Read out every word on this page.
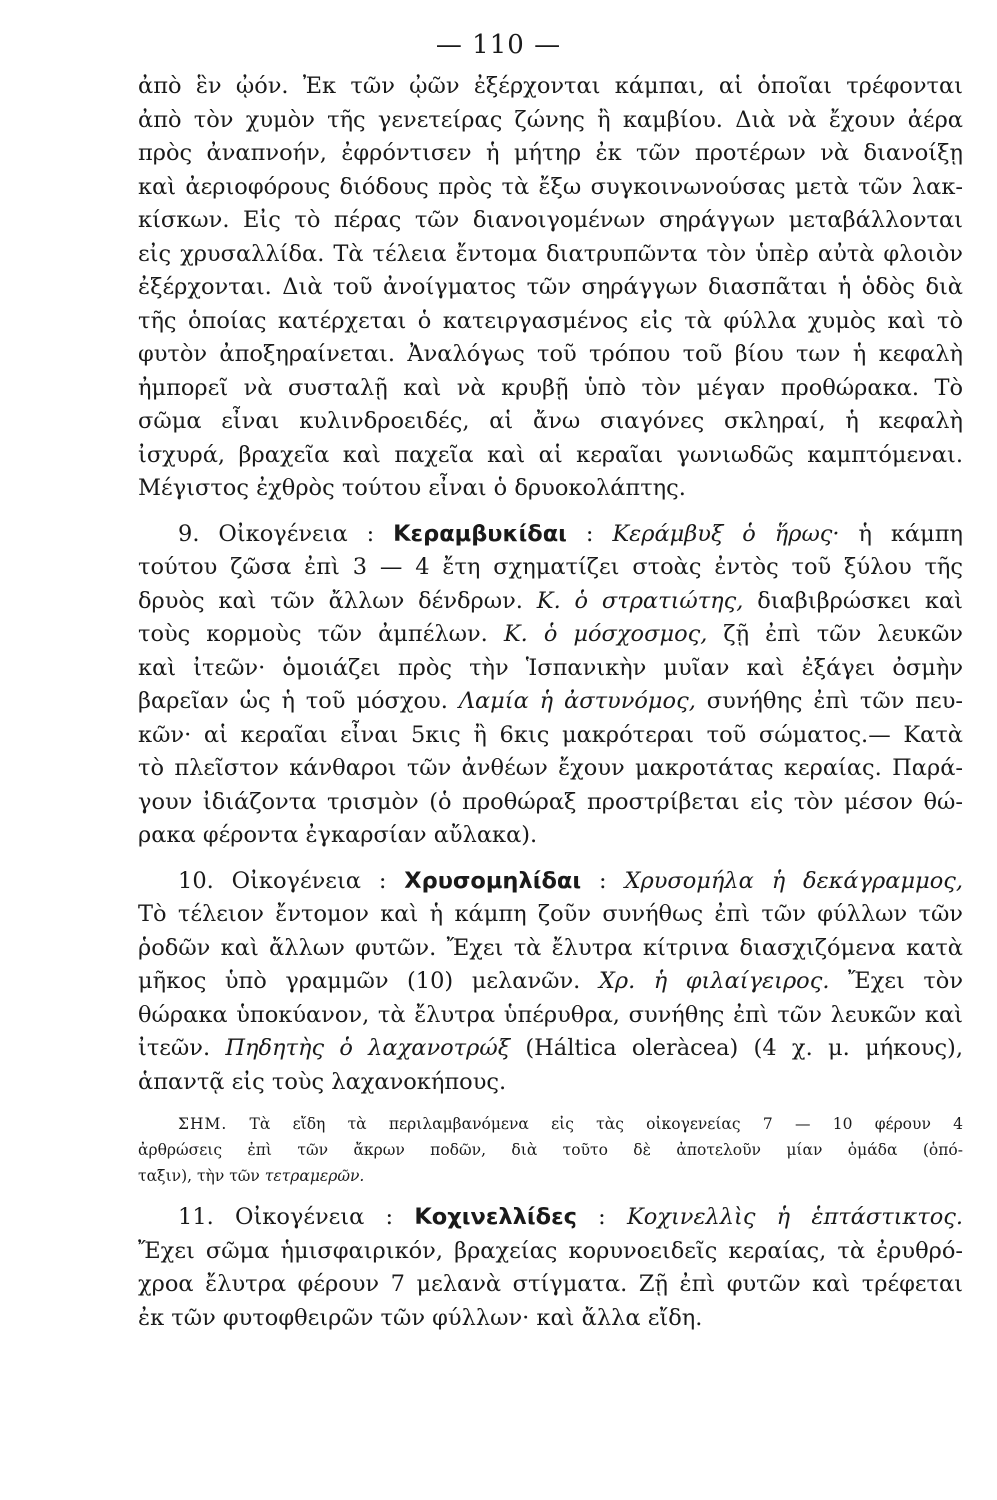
— 110 —
ἀπὸ ἓν ᾠόν. Ἐκ τῶν ᾠῶν ἐξέρχονται κάμπαι, αἱ ὁποῖαι τρέφονται
ἀπὸ τὸν χυμὸν τῆς γενετείρας ζώνης ἢ καμβίου. Διὰ νὰ ἔχουν ἀέρα
πρὸς ἀναπνοήν, ἐφρόντισεν ἡ μήτηρ ἐκ τῶν προτέρων νὰ διανοίξῃ
καὶ ἀεριοφόρους διόδους πρὸς τὰ ἔξω συγκοινωνούσας μετὰ τῶν λακ-
κίσκων. Εἰς τὸ πέρας τῶν διανοιγομένων σηράγγων μεταβάλλονται
εἰς χρυσαλλίδα. Τὰ τέλεια ἔντομα διατρυπῶντα τὸν ὑπὲρ αὐτὰ φλοιὸν
ἐξέρχονται. Διὰ τοῦ ἀνοίγματος τῶν σηράγγων διασπᾶται ἡ ὁδὸς διὰ
τῆς ὁποίας κατέρχεται ὁ κατειργασμένος εἰς τὰ φύλλα χυμὸς καὶ τὸ
φυτὸν ἀποξηραίνεται. Ἀναλόγως τοῦ τρόπου τοῦ βίου των ἡ κεφαλὴ
ἠμπορεῖ νὰ συσταλῇ καὶ νὰ κρυβῇ ὑπὸ τὸν μέγαν προθώρακα. Τὸ
σῶμα εἶναι κυλινδροειδές, αἱ ἄνω σιαγόνες σκληραί, ἡ κεφαλὴ
ἰσχυρά, βραχεῖα καὶ παχεῖα καὶ αἱ κεραῖαι γωνιωδῶς καμπτόμεναι.
Μέγιστος ἐχθρὸς τούτου εἶναι ὁ δρυοκολάπτης.
9. Οἰκογένεια : Κεραμβυκίδαι : Κεράμβυξ ὁ ἥρως· ἡ κάμπη
τούτου ζῶσα ἐπὶ 3 — 4 ἔτη σχηματίζει στοὰς ἐντὸς τοῦ ξύλου τῆς
δρυὸς καὶ τῶν ἄλλων δένδρων. Κ. ὁ στρατιώτης, διαβιβρώσκει καὶ
τοὺς κορμοὺς τῶν ἀμπέλων. Κ. ὁ μόσχοσμος, ζῇ ἐπὶ τῶν λευκῶν
καὶ ἰτεῶν· ὁμοιάζει πρὸς τὴν Ἱσπανικὴν μυῖαν καὶ ἐξάγει ὀσμὴν
βαρεῖαν ὡς ἡ τοῦ μόσχου. Λαμία ἡ ἀστυνόμος, συνήθης ἐπὶ τῶν πευ-
κῶν· αἱ κεραῖαι εἶναι 5κις ἢ 6κις μακρότεραι τοῦ σώματος.— Κατὰ
τὸ πλεῖστον κάνθαροι τῶν ἀνθέων ἔχουν μακροτάτας κεραίας. Παρά-
γουν ἰδιάζοντα τρισμὸν (ὁ προθώραξ προστρίβεται εἰς τὸν μέσον θώ-
ρακα φέροντα ἐγκαρσίαν αὔλακα).
10. Οἰκογένεια : Χρυσομηλίδαι : Χρυσομήλα ἡ δεκάγραμμος,
Τὸ τέλειον ἔντομον καὶ ἡ κάμπη ζοῦν συνήθως ἐπὶ τῶν φύλλων τῶν
ῥοδῶν καὶ ἄλλων φυτῶν. Ἔχει τὰ ἔλυτρα κίτρινα διασχιζόμενα κατὰ
μῆκος ὑπὸ γραμμῶν (10) μελανῶν. Χρ. ἡ φιλαίγειρος. Ἔχει τὸν
θώρακα ὑποκύανον, τὰ ἔλυτρα ὑπέρυθρα, συνήθης ἐπὶ τῶν λευκῶν καὶ
ἰτεῶν. Πηδητὴς ὁ λαχανοτρώξ (Háltica oleràcea) (4 χ. μ. μήκους),
ἁπαντᾷ εἰς τοὺς λαχανοκήπους.
ΣΗΜ. Τὰ εἴδη τὰ περιλαμβανόμενα εἰς τὰς οἰκογενείας 7 — 10 φέρουν 4
ἀρθρώσεις ἐπὶ τῶν ἄκρων ποδῶν, διὰ τοῦτο δὲ ἀποτελοῦν μίαν ὁμάδα (ὁπό-
ταξιν), τὴν τῶν τετραμερῶν.
11. Οἰκογένεια : Κοχινελλίδες : Κοχινελλὶς ἡ ἑπτάστικτος.
Ἔχει σῶμα ἡμισφαιρικόν, βραχείας κορυνοειδεῖς κεραίας, τὰ ἐρυθρό-
χροα ἔλυτρα φέρουν 7 μελανὰ στίγματα. Ζῇ ἐπὶ φυτῶν καὶ τρέφεται
ἐκ τῶν φυτοφθειρῶν τῶν φύλλων· καὶ ἄλλα εἴδη.
